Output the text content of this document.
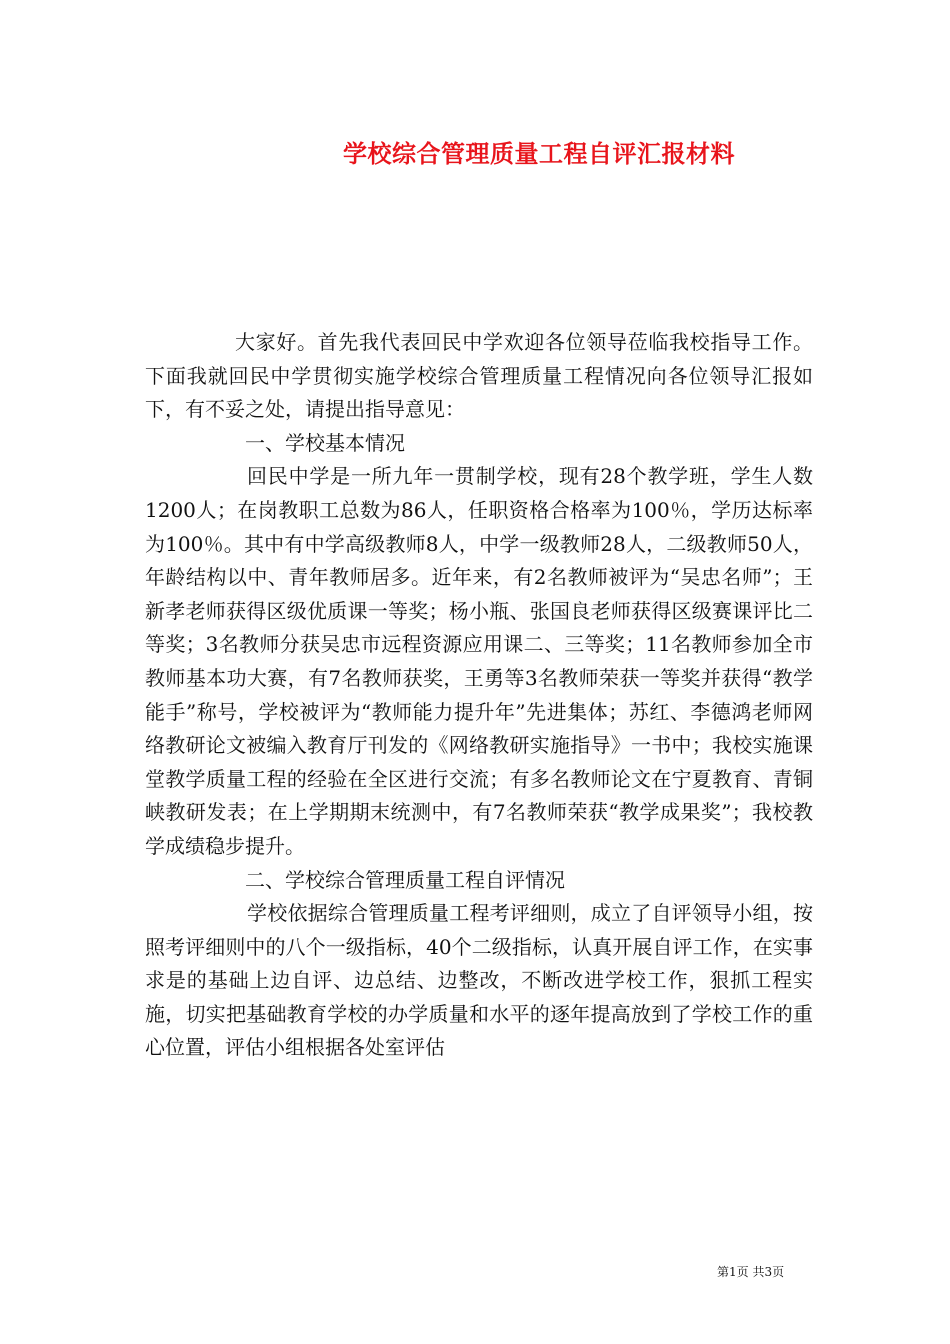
学校综合管理质量工程自评汇报材料

大家好。首先我代表回民中学欢迎各位领导莅临我校指导工作。下面我就回民中学贯彻实施学校综合管理质量工程情况向各位领导汇报如下，有不妥之处，请提出指导意见：

一、学校基本情况

回民中学是一所九年一贯制学校，现有28个教学班，学生人数1200人；在岗教职工总数为86人，任职资格合格率为100％，学历达标率为100％。其中有中学高级教师8人，中学一级教师28人，二级教师50人，年龄结构以中、青年教师居多。近年来，有2名教师被评为“吴忠名师”；王新孝老师获得区级优质课一等奖；杨小瓶、张国良老师获得区级赛课评比二等奖；3名教师分获吴忠市远程资源应用课二、三等奖；11名教师参加全市教师基本功大赛，有7名教师获奖，王勇等3名教师荣获一等奖并获得“教学能手”称号，学校被评为“教师能力提升年”先进集体；苏红、李德鸿老师网络教研论文被编入教育厅刊发的《网络教研实施指导》一书中；我校实施课堂教学质量工程的经验在全区进行交流；有多名教师论文在宁夏教育、青铜峡教研发表；在上学期期末统测中，有7名教师荣获“教学成果奖”；我校教学成绩稳步提升。

二、学校综合管理质量工程自评情况

学校依据综合管理质量工程考评细则，成立了自评领导小组，按照考评细则中的八个一级指标，40个二级指标，认真开展自评工作，在实事求是的基础上边自评、边总结、边整改，不断改进学校工作，狠抓工程实施，切实把基础教育学校的办学质量和水平的逐年提高放到了学校工作的重心位置，评估小组根据各处室评估

第1页 共3页
